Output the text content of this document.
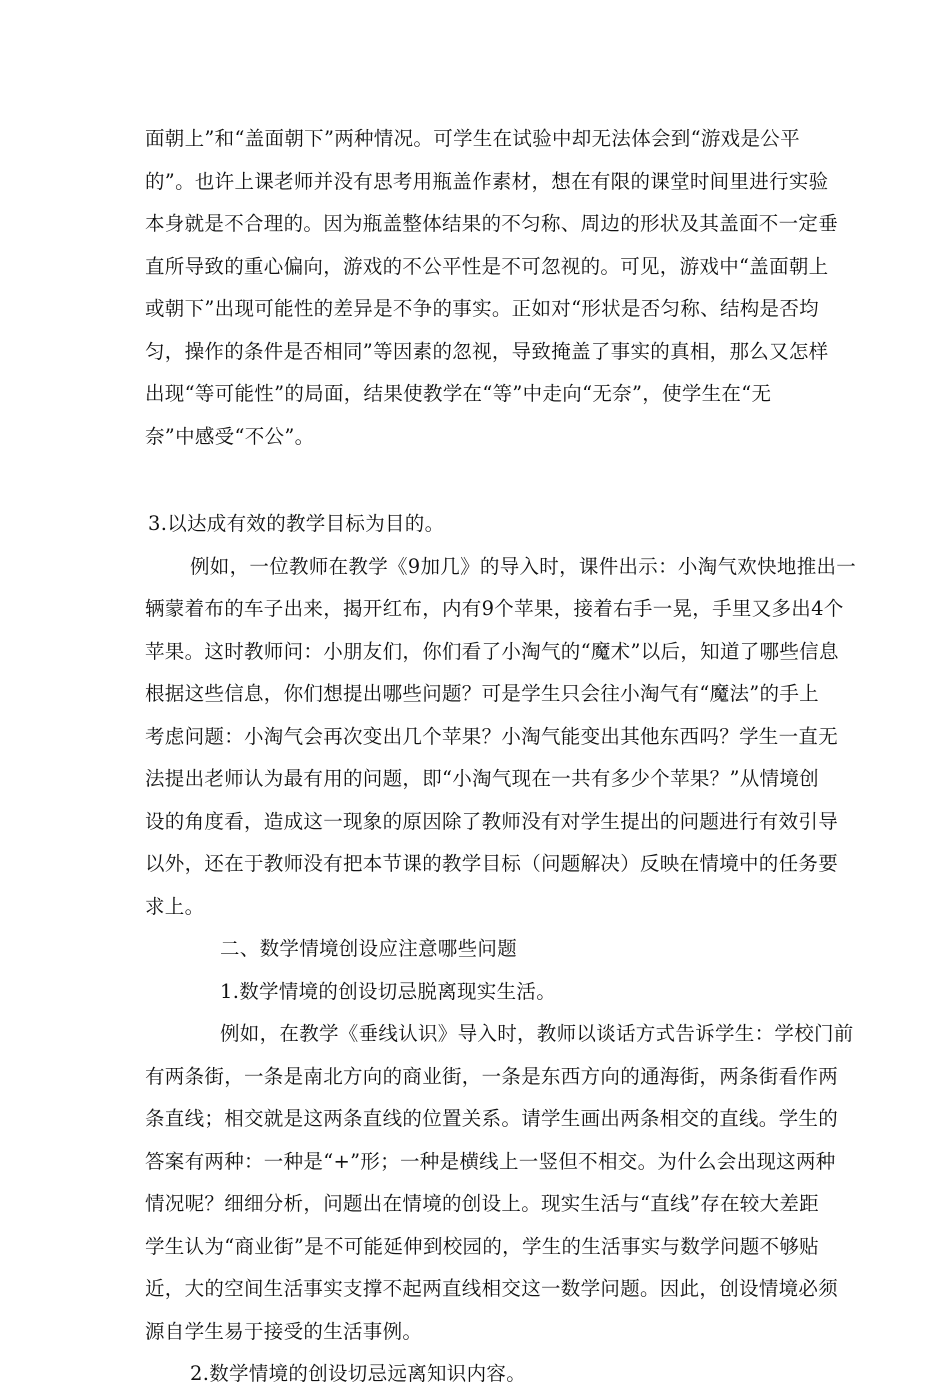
面朝上”和“盖面朝下”两种情况。可学生在试验中却无法体会到“游戏是公平
的”。也许上课老师并没有思考用瓶盖作素材，想在有限的课堂时间里进行实验
本身就是不合理的。因为瓶盖整体结果的不匀称、周边的形状及其盖面不一定垂
直所导致的重心偏向，游戏的不公平性是不可忽视的。可见，游戏中“盖面朝上
或朝下”出现可能性的差异是不争的事实。正如对“形状是否匀称、结构是否均
匀，操作的条件是否相同”等因素的忽视，导致掩盖了事实的真相，那么又怎样
出现“等可能性”的局面，结果使教学在“等”中走向“无奈”，使学生在“无
奈”中感受“不公”。
3.以达成有效的教学目标为目的。
例如，一位教师在教学《9加几》的导入时，课件出示：小淘气欢快地推出一
辆蒙着布的车子出来，揭开红布，内有9个苹果，接着右手一晃，手里又多出4个
苹果。这时教师问：小朋友们，你们看了小淘气的“魔术”以后，知道了哪些信息
根据这些信息，你们想提出哪些问题？可是学生只会往小淘气有“魔法”的手上
考虑问题：小淘气会再次变出几个苹果？小淘气能变出其他东西吗？学生一直无
法提出老师认为最有用的问题，即“小淘气现在一共有多少个苹果？”从情境创
设的角度看，造成这一现象的原因除了教师没有对学生提出的问题进行有效引导
以外，还在于教师没有把本节课的教学目标（问题解决）反映在情境中的任务要
求上。
二、数学情境创设应注意哪些问题
1.数学情境的创设切忌脱离现实生活。
例如，在教学《垂线认识》导入时，教师以谈话方式告诉学生：学校门前
有两条街，一条是南北方向的商业街，一条是东西方向的通海街，两条街看作两
条直线；相交就是这两条直线的位置关系。请学生画出两条相交的直线。学生的
答案有两种：一种是“+”形；一种是横线上一竖但不相交。为什么会出现这两种
情况呢？细细分析，问题出在情境的创设上。现实生活与“直线”存在较大差距
学生认为“商业街”是不可能延伸到校园的，学生的生活事实与数学问题不够贴
近，大的空间生活事实支撑不起两直线相交这一数学问题。因此，创设情境必须
源自学生易于接受的生活事例。
2.数学情境的创设切忌远离知识内容。
